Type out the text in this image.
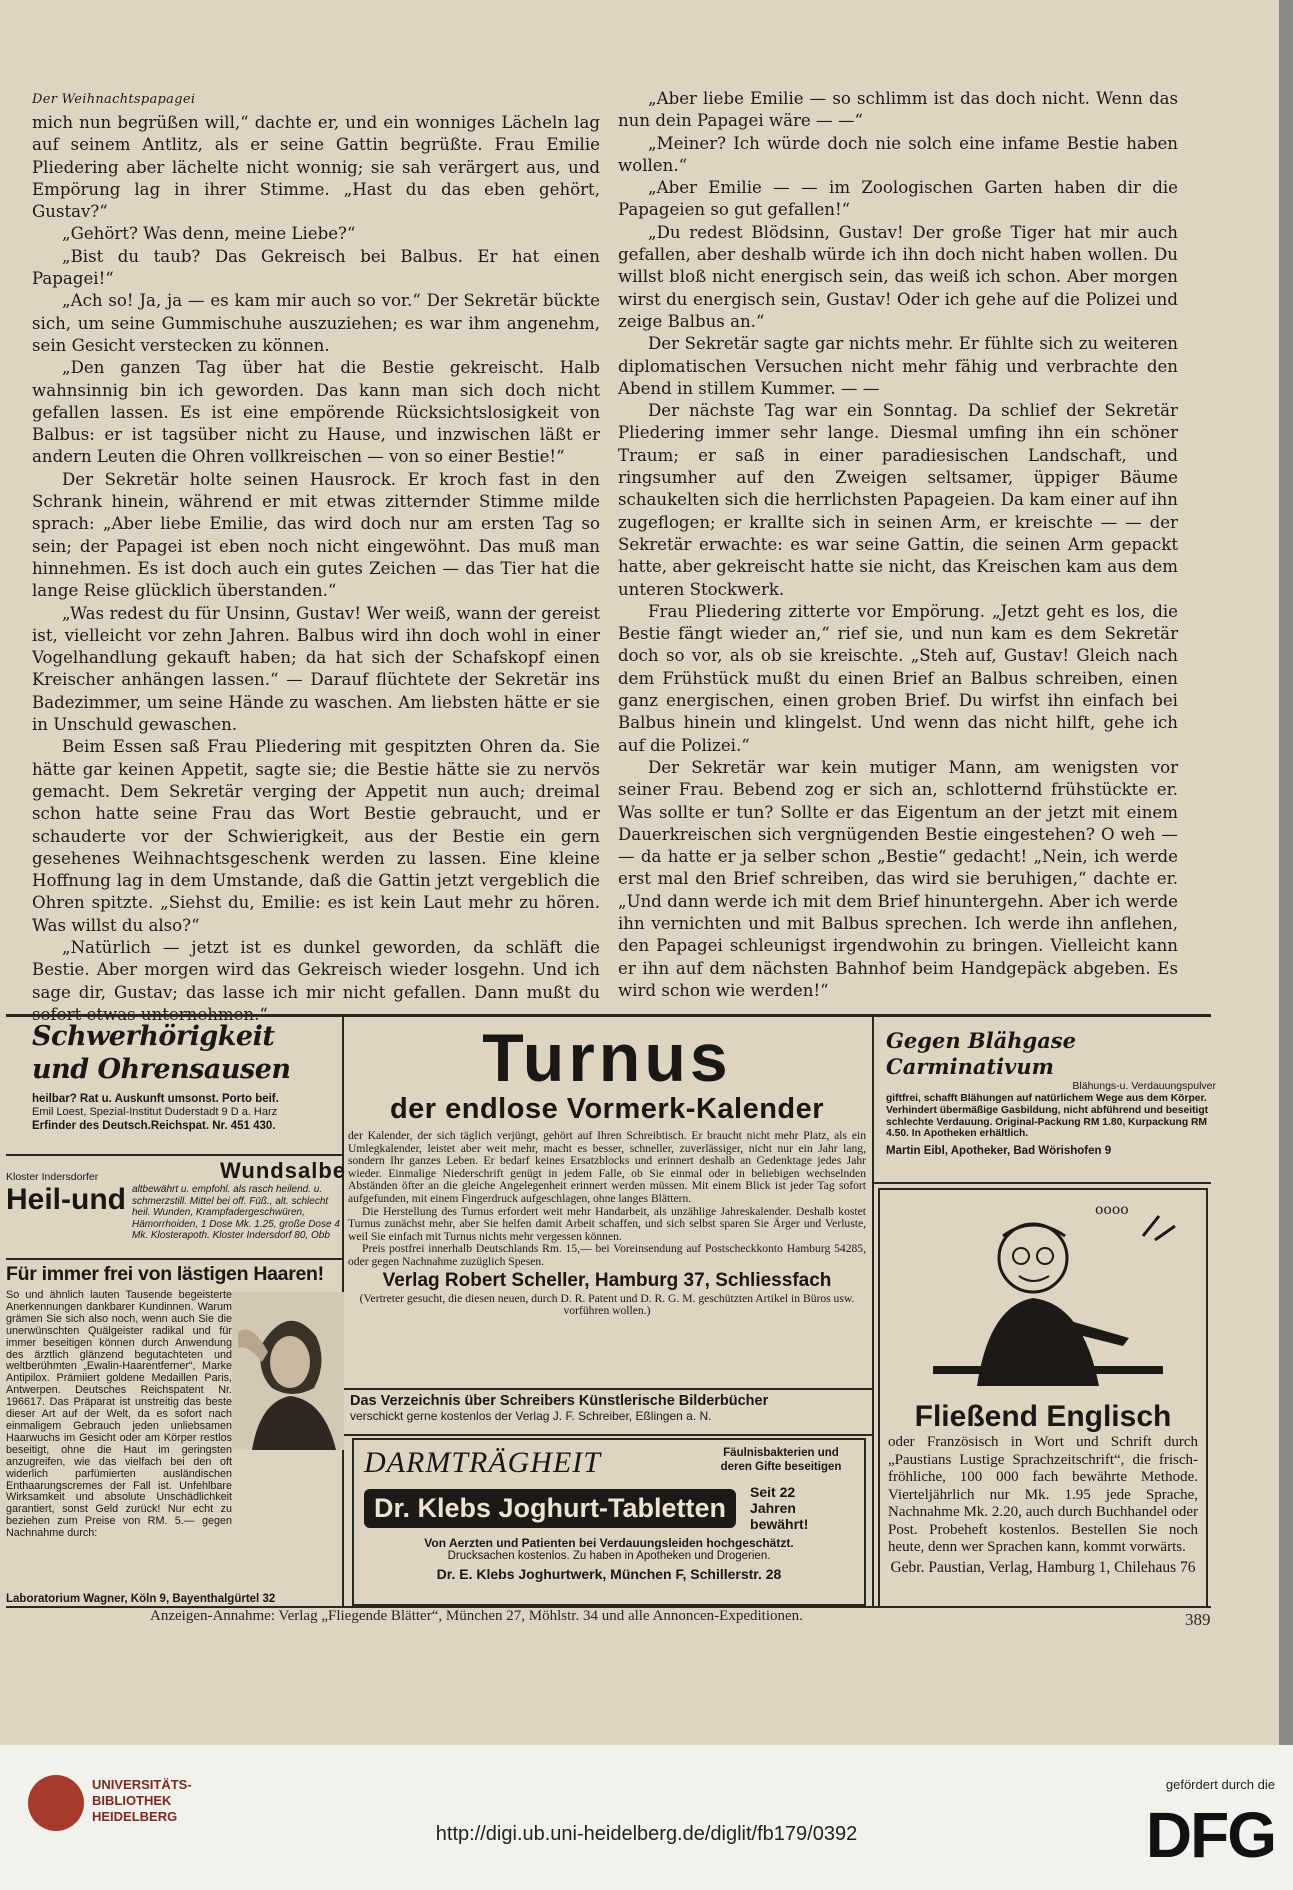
Der Weihnachtspapagei

mich nun begrüßen will,“ dachte er, und ein wonniges Lächeln lag auf seinem Antlitz, als er seine Gattin begrüßte. Frau Emilie Pliedering aber lächelte nicht wonnig; sie sah verärgert aus, und Empörung lag in ihrer Stimme. „Hast du das eben gehört, Gustav?“

„Gehört? Was denn, meine Liebe?“

„Bist du taub? Das Gekreisch bei Balbus. Er hat einen Papagei!“

„Ach so! Ja, ja — es kam mir auch so vor.“ Der Sekretär bückte sich, um seine Gummischuhe auszuziehen; es war ihm angenehm, sein Gesicht verstecken zu können.

„Den ganzen Tag über hat die Bestie gekreischt. Halb wahnsinnig bin ich geworden. Das kann man sich doch nicht gefallen lassen. Es ist eine empörende Rücksichtslosigkeit von Balbus: er ist tagsüber nicht zu Hause, und inzwischen läßt er andern Leuten die Ohren vollkreischen — von so einer Bestie!“

Der Sekretär holte seinen Hausrock. Er kroch fast in den Schrank hinein, während er mit etwas zitternder Stimme milde sprach: „Aber liebe Emilie, das wird doch nur am ersten Tag so sein; der Papagei ist eben noch nicht eingewöhnt. Das muß man hinnehmen. Es ist doch auch ein gutes Zeichen — das Tier hat die lange Reise glücklich überstanden.“

„Was redest du für Unsinn, Gustav! Wer weiß, wann der gereist ist, vielleicht vor zehn Jahren. Balbus wird ihn doch wohl in einer Vogelhandlung gekauft haben; da hat sich der Schafskopf einen Kreischer anhängen lassen.“ — Darauf flüchtete der Sekretär ins Badezimmer, um seine Hände zu waschen. Am liebsten hätte er sie in Unschuld gewaschen.

Beim Essen saß Frau Pliedering mit gespitzten Ohren da. Sie hätte gar keinen Appetit, sagte sie; die Bestie hätte sie zu nervös gemacht. Dem Sekretär verging der Appetit nun auch; dreimal schon hatte seine Frau das Wort Bestie gebraucht, und er schauderte vor der Schwierigkeit, aus der Bestie ein gern gesehenes Weihnachtsgeschenk werden zu lassen. Eine kleine Hoffnung lag in dem Umstande, daß die Gattin jetzt vergeblich die Ohren spitzte. „Siehst du, Emilie: es ist kein Laut mehr zu hören. Was willst du also?“

„Natürlich — jetzt ist es dunkel geworden, da schläft die Bestie. Aber morgen wird das Gekreisch wieder losgehn. Und ich sage dir, Gustav; das lasse ich mir nicht gefallen. Dann mußt du

„Aber liebe Emilie — so schlimm ist das doch nicht. Wenn das nun dein Papagei wäre — —“

„Meiner? Ich würde doch nie solch eine infame Bestie haben wollen.“

„Aber Emilie — — im Zoologischen Garten haben dir die Papageien so gut gefallen!“

„Du redest Blödsinn, Gustav! Der große Tiger hat mir auch gefallen, aber deshalb würde ich ihn doch nicht haben wollen. Du willst bloß nicht energisch sein, das weiß ich schon. Aber morgen wirst du energisch sein, Gustav! Oder ich gehe auf die Polizei und zeige Balbus an.“

Der Sekretär sagte gar nichts mehr. Er fühlte sich zu weiteren diplomatischen Versuchen nicht mehr fähig und verbrachte den Abend in stillem Kummer. — —

Der nächste Tag war ein Sonntag. Da schlief der Sekretär Pliedering immer sehr lange. Diesmal umfing ihn ein schöner Traum; er saß in einer paradiesischen Landschaft, und ringsumher auf den Zweigen seltsamer, üppiger Bäume schaukelten sich die herrlichsten Papageien. Da kam einer auf ihn zugeflogen; er krallte sich in seinen Arm, er kreischte — — der Sekretär erwachte: es war seine Gattin, die seinen Arm gepackt hatte, aber gekreischt hatte sie nicht, das Kreischen kam aus dem unteren Stockwerk.

Frau Pliedering zitterte vor Empörung. „Jetzt geht es los, die Bestie fängt wieder an,“ rief sie, und nun kam es dem Sekretär doch so vor, als ob sie kreischte. „Steh auf, Gustav! Gleich nach dem Frühstück mußt du einen Brief an Balbus schreiben, einen ganz energischen, einen groben Brief. Du wirfst ihn einfach bei Balbus hinein und klingelst. Und wenn das nicht hilft, gehe ich auf die Polizei.“

Der Sekretär war kein mutiger Mann, am wenigsten vor seiner Frau. Bebend zog er sich an, schlotternd frühstückte er. Was sollte er tun? Sollte er das Eigentum an der jetzt mit einem Dauerkreischen sich vergnügenden Bestie eingestehen? O weh — — da hatte er ja selber schon „Bestie“ gedacht! „Nein, ich werde erst mal den Brief schreiben, das wird sie beruhigen,“ dachte er. „Und dann werde ich mit dem Brief hinuntergehn. Aber ich werde ihn vernichten und mit Balbus sprechen. Ich werde ihn anflehen, den Papagei schleunigst irgendwohin zu bringen. Vielleicht kann er ihn auf dem nächsten Bahnhof beim Handgepäck abgeben. Es wird schon wie werden!“

Schwerhörigkeit und Ohrensausen
heilbar? Rat u. Auskunft umsonst. Porto beif.
Emil Loest, Spezial-Institut Duderstadt 9 D a. Harz
Erfinder des Deutsch.Reichspat. Nr. 451 430.
Kloster Indersdorfer	Wundsalbe
Heil-und altbewährt u. empfohl. als rasch heilend. u. schmerzstill. Mittel bei off. Füß., alt. schlecht heil. Wunden, Krampfadergeschwüren, Hämorrhoiden, 1 Dose Mk. 1.25, große Dose 4 Mk. Klosterapoth. Kloster Indersdorf 80, Obb
Für immer frei von lästigen Haaren!
So und ähnlich lauten Tausende begeisterte Anerkennungen dankbarer Kundinnen. Warum grämen Sie sich also noch, wenn auch Sie die unerwünschten Quälgeister radikal und für immer beseitigen können durch Anwendung des ärztlich glänzend begutachteten und weltberühmten „Ewalin-Haarentferner“, Marke Antipilox. Prämiiert goldene Medaillen Paris, Antwerpen. Deutsches Reichspatent Nr. 196617. Das Präparat ist unstreitig das beste dieser Art auf der Welt, da es sofort nach einmaligem Gebrauch jeden unliebsamen Haarwuchs im Gesicht oder am Körper restlos beseitigt, ohne die Haut im geringsten anzugreifen, wie das vielfach bei den oft widerlich parfümierten ausländischen Enthaarungscremes der Fall ist. Unfehlbare Wirksamkeit und absolute Unschädlichkeit garantiert, sonst Geld zurück! Nur echt zu beziehen zum Preise von RM. 5.— gegen Nachnahme durch:
Laboratorium Wagner, Köln 9, Bayenthalgürtel 32
Turnus
der endlose Vormerk-Kalender

der Kalender, der sich täglich verjüngt, gehört auf Ihren Schreibtisch. Er braucht nicht mehr Platz, als ein Umlegkalender, leistet aber weit mehr, macht es besser, schneller, zuverlässiger, nicht nur ein Jahr lang, sondern Ihr ganzes Leben. Er bedarf keines Ersatzblocks und erinnert deshalb an Gedenktage jedes Jahr wieder. Einmalige Niederschrift genügt in jedem Falle, ob Sie einmal oder in beliebigen wechselnden Abständen öfter an die gleiche Angelegenheit erinnert werden müssen. Mit einem Blick ist jeder Tag sofort aufgefunden, mit einem Fingerdruck aufgeschlagen, ohne langes Blättern.

Die Herstellung des Turnus erfordert weit mehr Handarbeit, als unzählige Jahreskalender. Deshalb kostet Turnus zunächst mehr, aber Sie helfen damit Arbeit schaffen, und sich selbst sparen Sie Ärger und Verluste, weil Sie einfach mit Turnus nichts mehr vergessen können.

Preis postfrei innerhalb Deutschlands Rm. 15,— bei Voreinsendung auf Postscheckkonto Hamburg 54285, oder gegen Nachnahme zuzüglich Spesen.

Verlag Robert Scheller, Hamburg 37, Schliessfach
(Vertreter gesucht, die diesen neuen, durch D. R. Patent und D. R. G. M. geschützten Artikel in Büros usw. vorführen wollen.)
Das Verzeichnis über Schreibers Künstlerische Bilderbücher
verschickt gerne kostenlos der Verlag J. F. Schreiber, Eßlingen a. N.
DARMTRÄGHEIT	Fäulnisbakterien und deren Gifte beseitigen
Dr. Klebs Joghurt-Tabletten
Seit 22 Jahren bewährt!
Von Aerzten und Patienten bei Verdauungsleiden hochgeschätzt.
Drucksachen kostenlos. Zu haben in Apotheken und Drogerien.
Dr. E. Klebs Joghurtwerk, München F, Schillerstr. 28
Gegen Blähgase Carminativum
Blähungs-u. Verdauungspulver
giftfrei, schafft Blähungen auf natürlichem Wege aus dem Körper. Verhindert übermäßige Gasbildung, nicht abführend und beseitigt schlechte Verdauung. Original-Packung RM 1.80, Kurpackung RM 4.50. In Apotheken erhältlich.
Martin Eibl, Apotheker, Bad Wörishofen 9
oooo
Fließend Englisch
oder Französisch in Wort und Schrift durch „Paustians Lustige Sprachzeitschrift“, die frisch-fröhliche, 100 000 fach bewährte Methode. Vierteljährlich nur Mk. 1.95 jede Sprache, Nachnahme Mk. 2.20, auch durch Buchhandel oder Post. Probeheft kostenlos. Bestellen Sie noch heute, denn wer Sprachen kann, kommt vorwärts.
Gebr. Paustian, Verlag, Hamburg 1, Chilehaus 76
Anzeigen-Annahme: Verlag „Fliegende Blätter“, München 27, Möhlstr. 34 und alle Annoncen-Expeditionen.	389
UNIVERSITÄTS-
BIBLIOTHEK
HEIDELBERG
http://digi.ub.uni-heidelberg.de/diglit/fb179/0392
gefördert durch die
DFG
